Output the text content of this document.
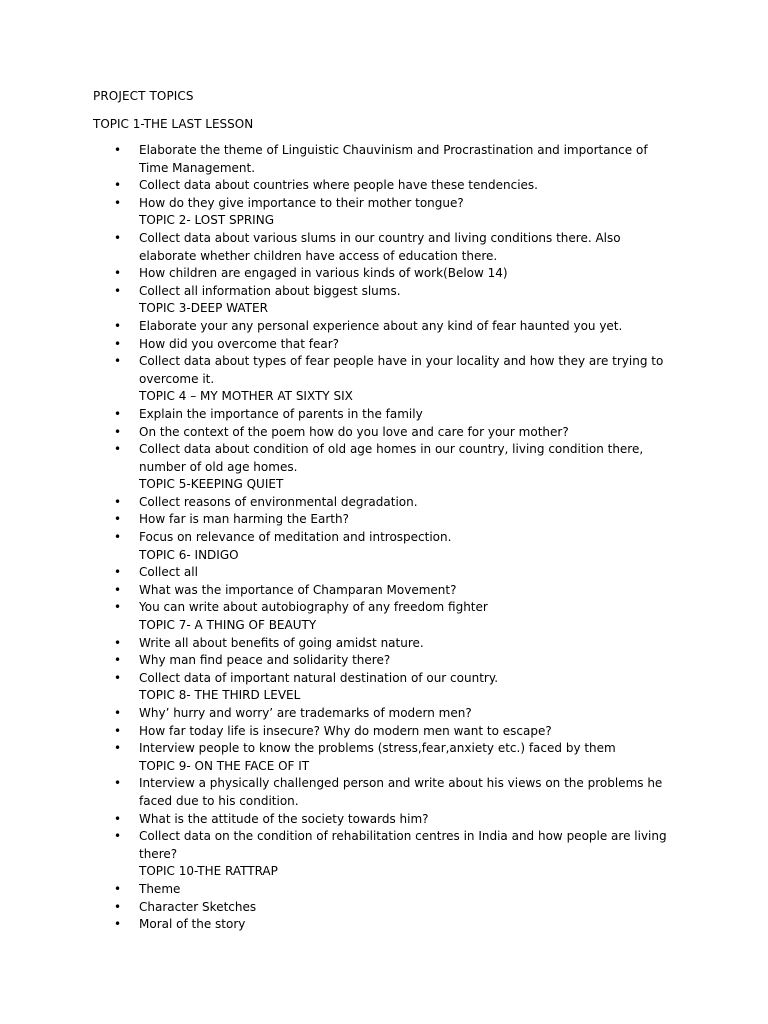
PROJECT TOPICS
TOPIC 1-THE LAST LESSON
• Elaborate the theme of Linguistic Chauvinism and Procrastination and importance of Time Management.
• Collect data about countries where people have these tendencies.
• How do they give importance to their mother tongue?
TOPIC 2- LOST SPRING
• Collect data about various slums in our country and living conditions there. Also elaborate whether children have access of education there.
• How children are engaged in various kinds of work(Below 14)
• Collect all information about biggest slums.
TOPIC 3-DEEP WATER
• Elaborate your any personal experience about any kind of fear haunted you yet.
• How did you overcome that fear?
• Collect data about types of fear people have in your locality and how they are trying to overcome it.
TOPIC 4 – MY MOTHER AT SIXTY SIX
• Explain the importance of parents in the family
• On the context of the poem how do you love and care for your mother?
• Collect data about condition of old age homes in our country, living condition there, number of old age homes.
TOPIC 5-KEEPING QUIET
• Collect reasons of environmental degradation.
• How far is man harming the Earth?
• Focus on relevance of meditation and introspection.
TOPIC 6- INDIGO
• Collect all
• What was the importance of Champaran Movement?
• You can write about autobiography of any freedom fighter
TOPIC 7- A THING OF BEAUTY
• Write all about benefits of going amidst nature.
• Why man find peace and solidarity there?
• Collect data of important natural destination of our country.
TOPIC 8- THE THIRD LEVEL
• Why’ hurry and worry’ are trademarks of modern men?
• How far today life is insecure? Why do modern men want to escape?
• Interview people to know the problems (stress,fear,anxiety etc.) faced by them
TOPIC 9- ON THE FACE OF IT
• Interview a physically challenged person and write about his views on the problems he faced due to his condition.
• What is the attitude of the society towards him?
• Collect data on the condition of rehabilitation centres in India and how people are living there?
TOPIC 10-THE RATTRAP
• Theme
• Character Sketches
• Moral of the story
